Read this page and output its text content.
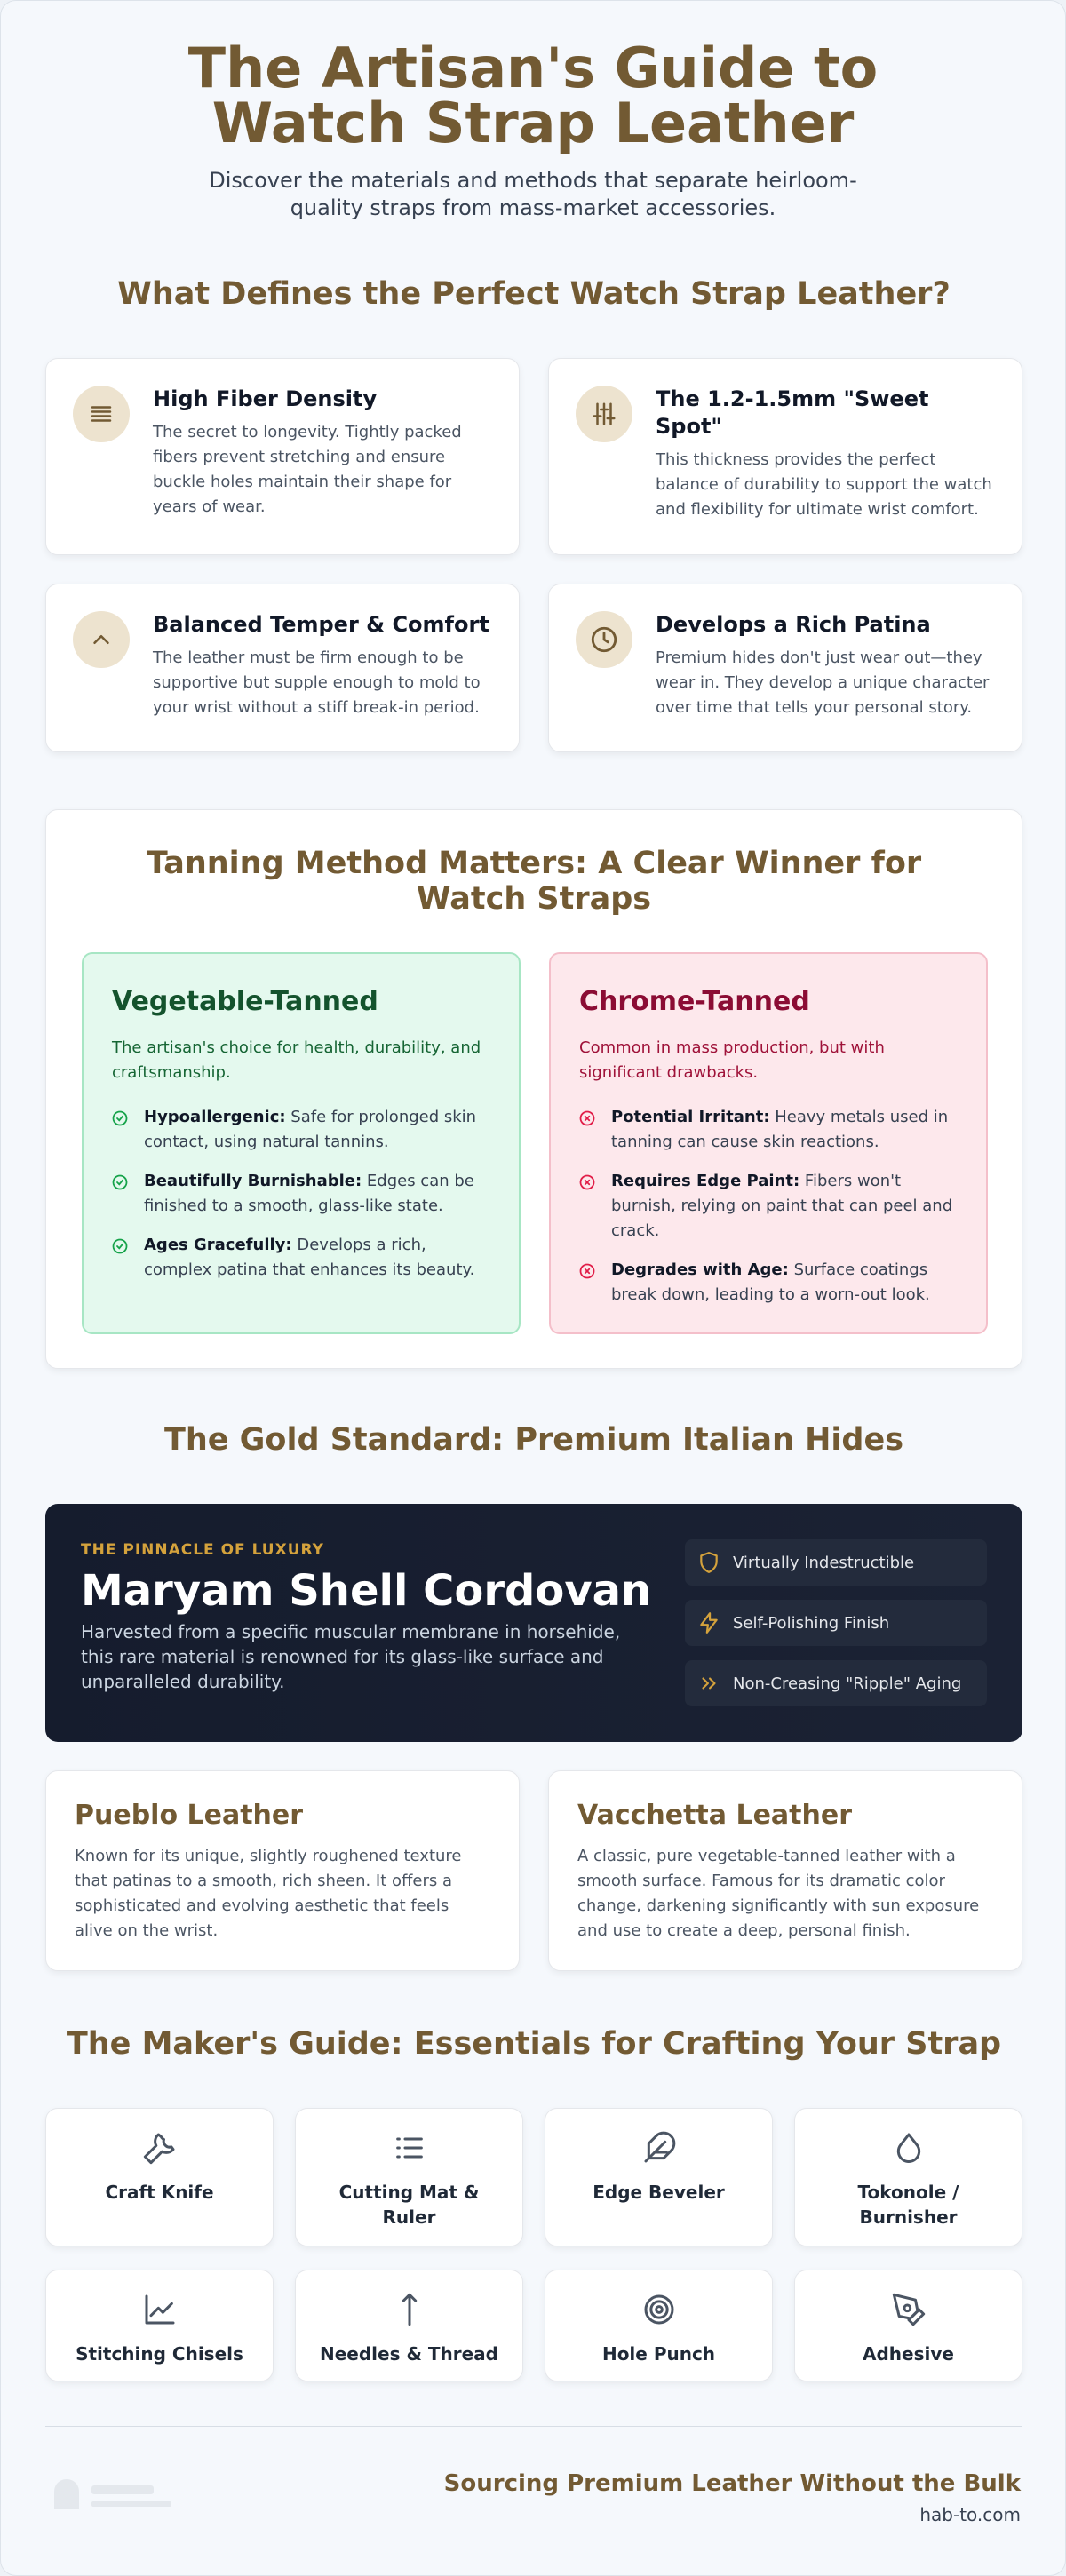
The Artisan's Guide to Watch Strap Leather

Discover the materials and methods that separate heirloom-quality straps from mass-market accessories.

What Defines the Perfect Watch Strap Leather?
High Fiber Density

The secret to longevity. Tightly packed fibers prevent stretching and ensure buckle holes maintain their shape for years of wear.

The 1.2-1.5mm "Sweet Spot"

This thickness provides the perfect balance of durability to support the watch and flexibility for ultimate wrist comfort.

Balanced Temper & Comfort

The leather must be firm enough to be supportive but supple enough to mold to your wrist without a stiff break-in period.

Develops a Rich Patina

Premium hides don't just wear out—they wear in. They develop a unique character over time that tells your personal story.

Tanning Method Matters: A Clear Winner for Watch Straps
Vegetable-Tanned

The artisan's choice for health, durability, and craftsmanship.

Hypoallergenic: Safe for prolonged skin contact, using natural tannins.
Beautifully Burnishable: Edges can be finished to a smooth, glass-like state.
Ages Gracefully: Develops a rich, complex patina that enhances its beauty.
Chrome-Tanned

Common in mass production, but with significant drawbacks.

Potential Irritant: Heavy metals used in tanning can cause skin reactions.
Requires Edge Paint: Fibers won't burnish, relying on paint that can peel and crack.
Degrades with Age: Surface coatings break down, leading to a worn-out look.
The Gold Standard: Premium Italian Hides
THE PINNACLE OF LUXURY
Maryam Shell Cordovan

Harvested from a specific muscular membrane in horsehide, this rare material is renowned for its glass-like surface and unparalleled durability.

Virtually Indestructible
Self-Polishing Finish
Non-Creasing "Ripple" Aging
Pueblo Leather

Known for its unique, slightly roughened texture that patinas to a smooth, rich sheen. It offers a sophisticated and evolving aesthetic that feels alive on the wrist.

Vacchetta Leather

A classic, pure vegetable-tanned leather with a smooth surface. Famous for its dramatic color change, darkening significantly with sun exposure and use to create a deep, personal finish.

The Maker's Guide: Essentials for Crafting Your Strap
Craft Knife	Cutting Mat & Ruler
Edge Beveler	Tokonole / Burnisher
Stitching Chisels	Needles & Thread	Hole Punch	Adhesive
Sourcing Premium Leather Without the Bulk
hab-to.com
